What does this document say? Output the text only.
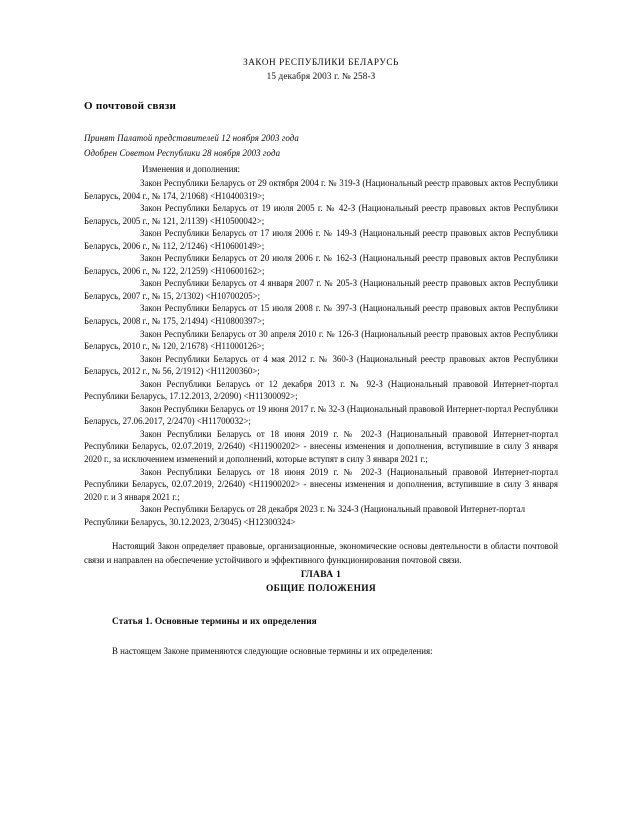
ЗАКОН РЕСПУБЛИКИ БЕЛАРУСЬ
15 декабря 2003 г. № 258-З
О почтовой связи
Принят Палатой представителей 12 ноября 2003 года
Одобрен Советом Республики 28 ноября 2003 года
Изменения и дополнения:

Закон Республики Беларусь от 29 октября 2004 г. № 319-З (Национальный реестр правовых актов Республики Беларусь, 2004 г., № 174, 2/1068) <H10400319>;

Закон Республики Беларусь от 19 июля 2005 г. № 42-З (Национальный реестр правовых актов Республики Беларусь, 2005 г., № 121, 2/1139) <H10500042>;

Закон Республики Беларусь от 17 июля 2006 г. № 149-З (Национальный реестр правовых актов Республики Беларусь, 2006 г., № 112, 2/1246) <H10600149>;

Закон Республики Беларусь от 20 июля 2006 г. № 162-З (Национальный реестр правовых актов Республики Беларусь, 2006 г., № 122, 2/1259) <H10600162>;

Закон Республики Беларусь от 4 января 2007 г. № 205-З (Национальный реестр правовых актов Республики Беларусь, 2007 г., № 15, 2/1302) <H10700205>;

Закон Республики Беларусь от 15 июля 2008 г. № 397-З (Национальный реестр правовых актов Республики Беларусь, 2008 г., № 175, 2/1494) <H10800397>;

Закон Республики Беларусь от 30 апреля 2010 г. № 126-З (Национальный реестр правовых актов Республики Беларусь, 2010 г., № 120, 2/1678) <H11000126>;

Закон Республики Беларусь от 4 мая 2012 г. № 360-З (Национальный реестр правовых актов Республики Беларусь, 2012 г., № 56, 2/1912) <H11200360>;

Закон Республики Беларусь от 12 декабря 2013 г. № 92-З (Национальный правовой Интернет-портал Республики Беларусь, 17.12.2013, 2/2090) <H11300092>;

Закон Республики Беларусь от 19 июня 2017 г. № 32-З (Национальный правовой Интернет-портал Республики Беларусь, 27.06.2017, 2/2470) <H11700032>;

Закон Республики Беларусь от 18 июня 2019 г. № 202-З (Национальный правовой Интернет-портал Республики Беларусь, 02.07.2019, 2/2640) <H11900202> - внесены изменения и дополнения, вступившие в силу 3 января 2020 г., за исключением изменений и дополнений, которые вступят в силу 3 января 2021 г.;

Закон Республики Беларусь от 18 июня 2019 г. № 202-З (Национальный правовой Интернет-портал Республики Беларусь, 02.07.2019, 2/2640) <H11900202> - внесены изменения и дополнения, вступившие в силу 3 января 2020 г. и 3 января 2021 г.;

Закон Республики Беларусь от 28 декабря 2023 г. № 324-З (Национальный правовой Интернет-портал Республики Беларусь, 30.12.2023, 2/3045) <H12300324>

Настоящий Закон определяет правовые, организационные, экономические основы деятельности в области почтовой связи и направлен на обеспечение устойчивого и эффективного функционирования почтовой связи.
ГЛАВА 1
ОБЩИЕ ПОЛОЖЕНИЯ
Статья 1. Основные термины и их определения
В настоящем Законе применяются следующие основные термины и их определения:
